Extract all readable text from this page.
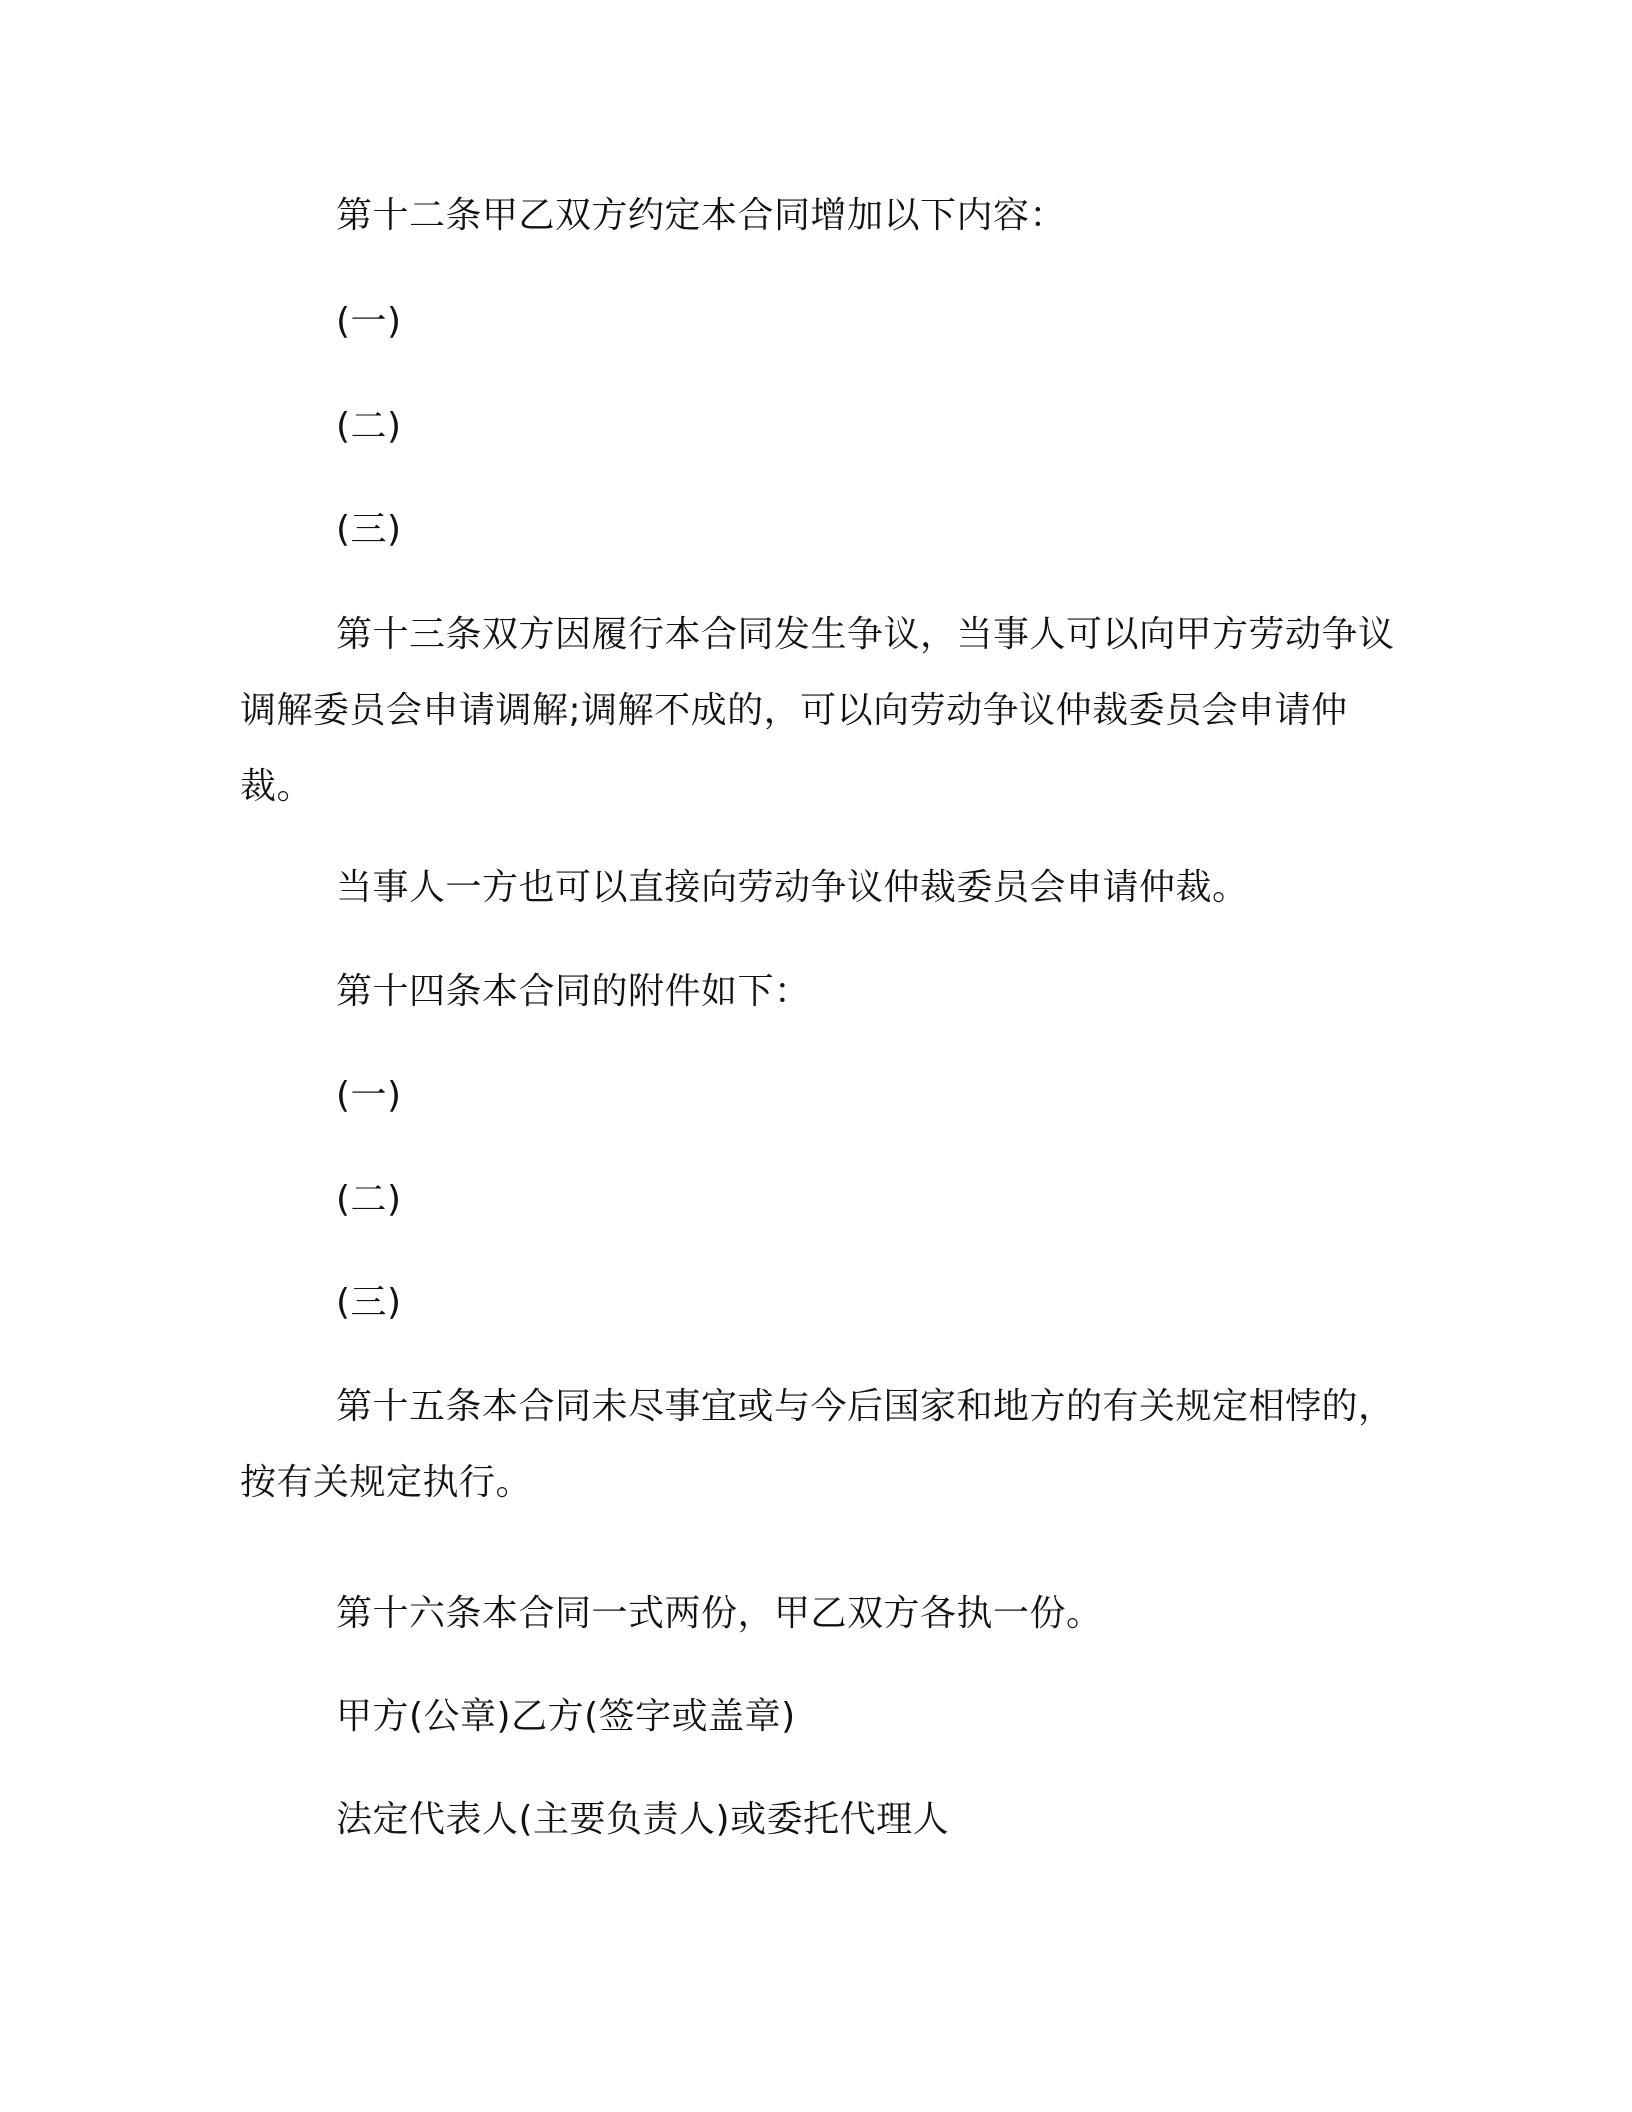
第十二条甲乙双方约定本合同增加以下内容：
(一)
(二)
(三)
第十三条双方因履行本合同发生争议，当事人可以向甲方劳动争议调解委员会申请调解;调解不成的，可以向劳动争议仲裁委员会申请仲裁。
当事人一方也可以直接向劳动争议仲裁委员会申请仲裁。
第十四条本合同的附件如下：
(一)
(二)
(三)
第十五条本合同未尽事宜或与今后国家和地方的有关规定相悖的，按有关规定执行。
第十六条本合同一式两份，甲乙双方各执一份。
甲方(公章)乙方(签字或盖章)
法定代表人(主要负责人)或委托代理人
